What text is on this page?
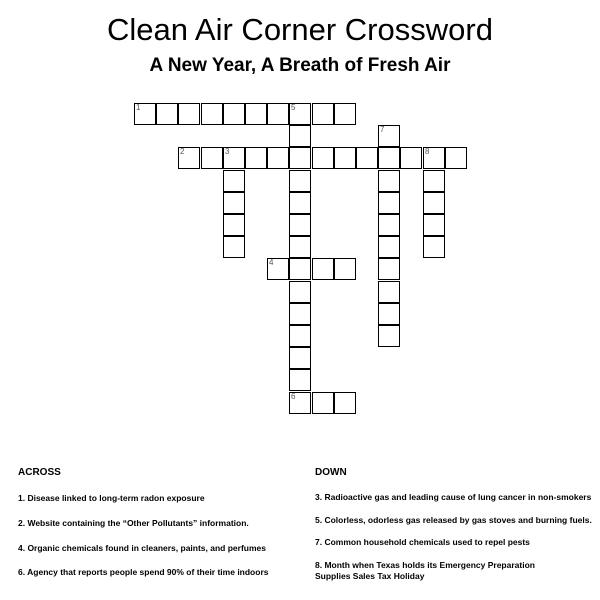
Clean Air Corner Crossword
A New Year, A Breath of Fresh Air
1	5
6
7
2	3	8
4
ACROSS

1. Disease linked to long-term radon exposure

2. Website containing the “Other Pollutants” information.

4. Organic chemicals found in cleaners, paints, and perfumes

6. Agency that reports people spend 90% of their time indoors

DOWN

3. Radioactive gas and leading cause of lung cancer in non-smokers

5. Colorless, odorless gas released by gas stoves and burning fuels.

7. Common household chemicals used to repel pests

8. Month when Texas holds its Emergency Preparation
Supplies Sales Tax Holiday
